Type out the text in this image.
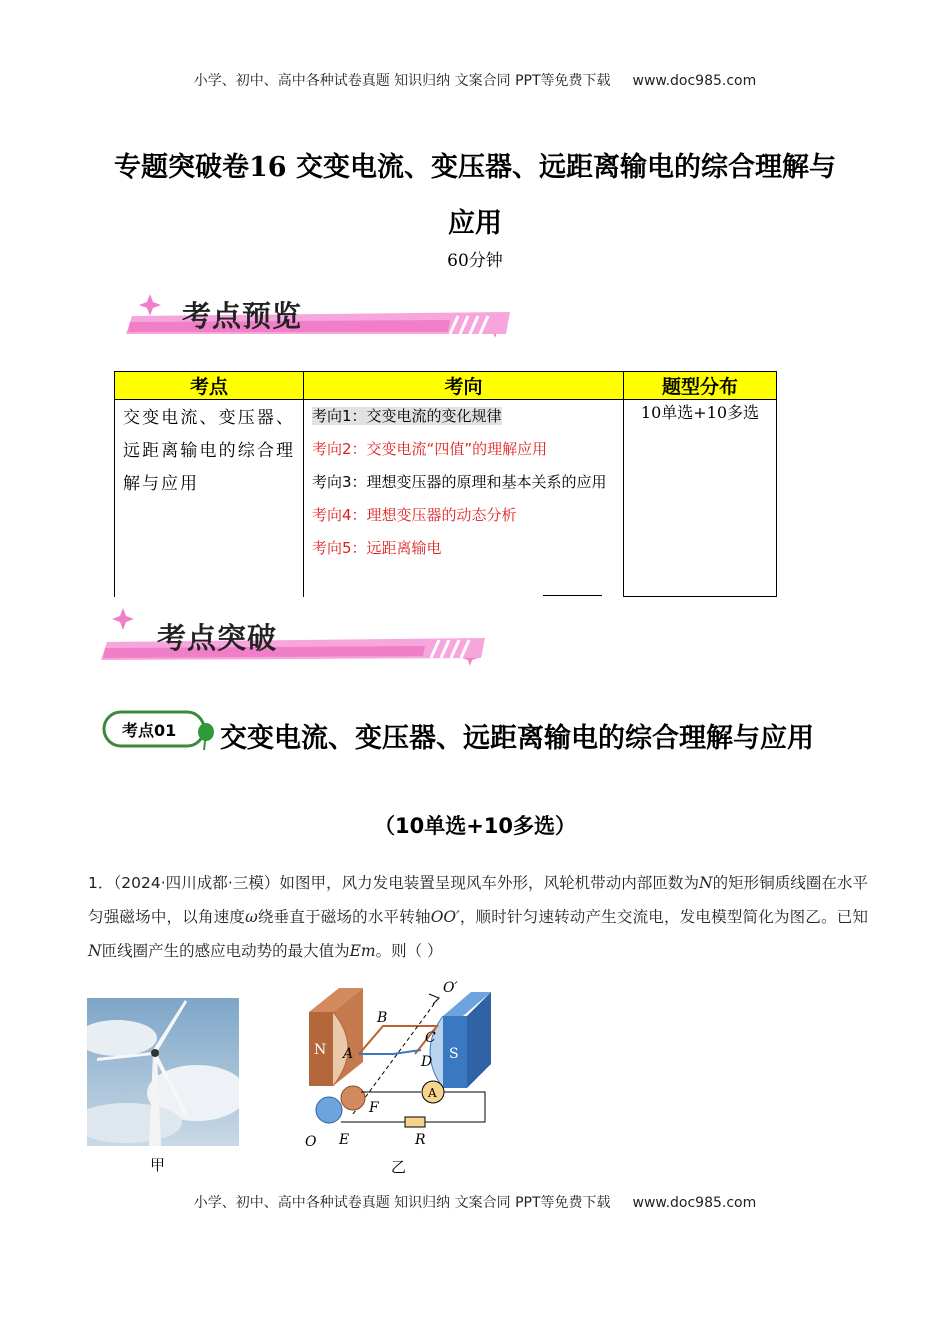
小学、初中、高中各种试卷真题 知识归纳 文案合同 PPT等免费下载 www.doc985.com
专题突破卷16 交变电流、变压器、远距离输电的综合理解与
应用
60分钟
考点预览
考点	考向	题型分布
交变电流、变压器、远距离输电的综合理解与应用	考向1：交变电流的变化规律
考向2：交变电流“四值”的理解应用
考向3：理想变压器的原理和基本关系的应用
考向4：理想变压器的动态分析
考向5：远距离输电	10单选+10多选
考点突破
考点01 交变电流、变压器、远距离输电的综合理解与应用
（10单选+10多选）
1．（2024·四川成都·三模）如图甲，风力发电装置呈现风车外形，风轮机带动内部匝数为N的矩形铜质线圈在水平匀强磁场中，以角速度ω绕垂直于磁场的水平转轴OO′，顺时针匀速转动产生交流电，发电模型简化为图乙。已知N匝线圈产生的感应电动势的最大值为Em。则（ ）
甲
N	S
O′
B
C
A	D
F
E
O
A
R
乙
小学、初中、高中各种试卷真题 知识归纳 文案合同 PPT等免费下载 www.doc985.com
